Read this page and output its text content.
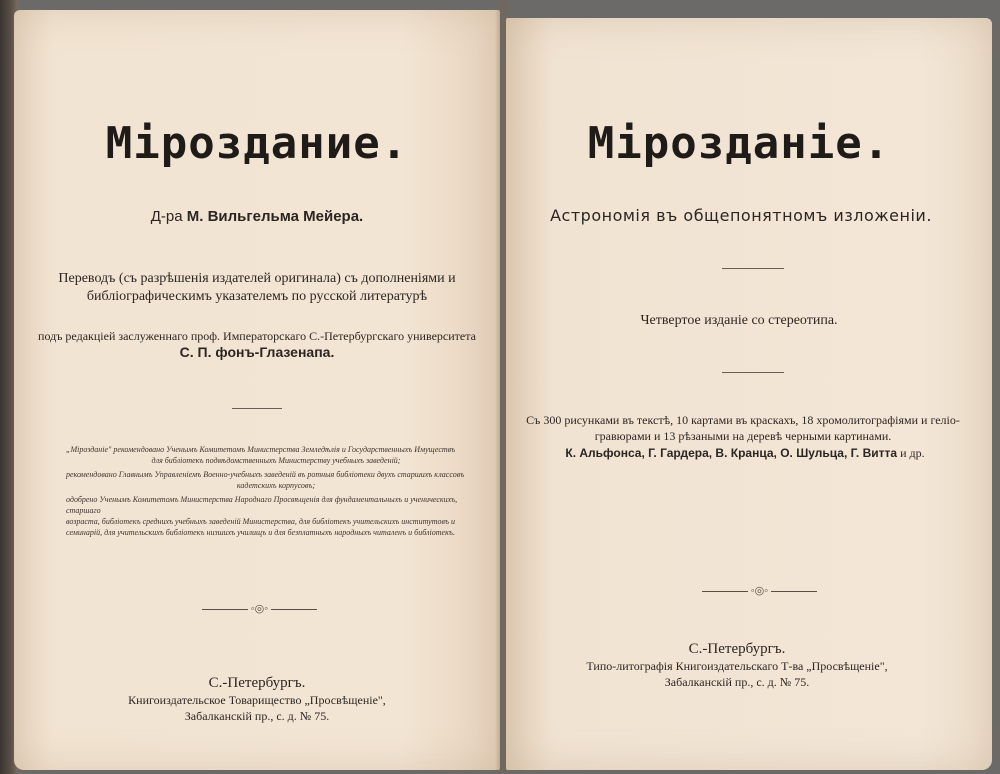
Мiроздание.
Д-ра М. Вильгельма Мейера.
Переводъ (съ разрѣшенiя издателей оригинала) съ дополненiями и
библiографическимъ указателемъ по русской литературѣ
подъ редакцiей заслуженнаго проф. Императорскаго С.-Петербургскаго университета
С. П. фонъ-Глазенапа.
„Мiрозданiе" рекомендовано Ученымъ Комитетомъ Министерства Земледѣлiя и Государственныхъ Имуществъ
для библiотекъ подвѣдомственныхъ Министерству учебныхъ заведенiй;
рекомендовано Главнымъ Управленiемъ Военно-учебныхъ заведенiй въ ротныя библiотеки двухъ старшихъ классовъ
кадетскихъ корпусовъ;
одобрено Ученымъ Комитетомъ Министерства Народнаго Просвѣщенiя для фундаментальныхъ и ученическихъ, старшаго
возраста, библiотекъ среднихъ учебныхъ заведенiй Министерства, для библiотекъ учительскихъ институтовъ и
семинарiй, для учительскихъ библiотекъ низшихъ училищъ и для безплатныхъ народныхъ читаленъ и библiотекъ.
◦◎◦
С.-Петербургъ.
Книгоиздательское Товарищество „Просвѣщенiе",
Забалканскiй пр., с. д. № 75.
Мiрозданiе.
Астрономiя въ общепонятномъ изложенiи.
Четвертое изданiе со стереотипа.
Съ 300 рисунками въ текстѣ, 10 картами въ краскахъ, 18 хромолитографiями и гелiо-
гравюрами и 13 рѣзаными на деревѣ черными картинами.
К. Альфонса, Г. Гардера, В. Кранца, О. Шульца, Г. Витта и др.
◦◎◦
С.-Петербургъ.
Типо-литографiя Книгоиздательскаго Т-ва „Просвѣщенiе",
Забалканскiй пр., с. д. № 75.
